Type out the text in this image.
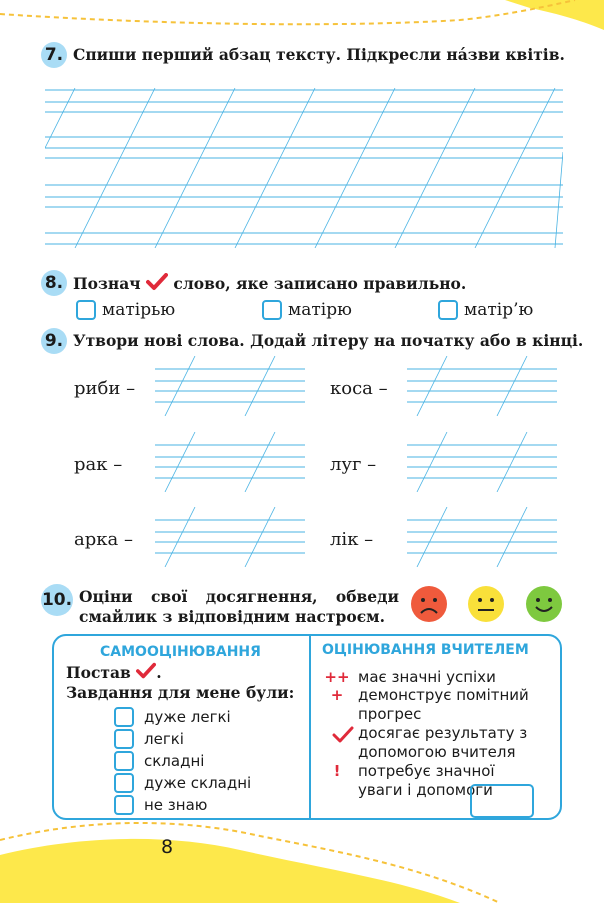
7. Спиши перший абзац тексту. Підкресли на́зви квітів.
8. Познач слово, яке записано правильно.
матірью	матірю	матір’ю
9. Утвори нові слова. Додай літеру на початку або в кінці.
риби –	коса –
рак –	луг –
арка –	лік –
10. Оціни свої досягнення, обведи
смайлик з відповідним настроєм.
САМООЦІНЮВАННЯ
Постав .
Завдання для мене були:
дуже легкі
легкі
складні
дуже складні
не знаю
ОЦІНЮВАННЯ ВЧИТЕЛЕМ
++ має значні успіхи
+ демонструє помітний прогрес
досягає результату з допомогою вчителя
!	потребує значної уваги і допомоги
8
